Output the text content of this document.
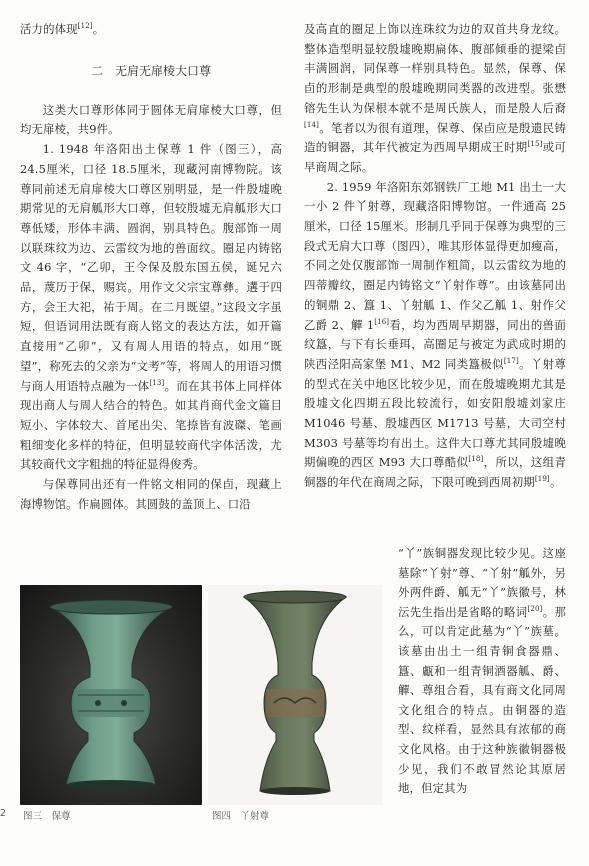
活力的体现[12]。

二　无肩无扉棱大口尊

这类大口尊形体同于圆体无肩扉棱大口尊，但均无扉棱，共9件。

1. 1948 年洛阳出土保尊 1 件（图三），高 24.5厘米，口径 18.5厘米，现藏河南博物院。该尊同前述无肩扉棱大口尊区别明显，是一件殷墟晚期常见的无肩觚形大口尊，但较殷墟无肩觚形大口尊低矮，形体丰满、圆润，别具特色。腹部饰一周以联珠纹为边、云雷纹为地的兽面纹。圈足内铸铭文 46 字，“乙卯，王令保及殷东国五侯，诞兄六品，蔑历于保，赐宾。用作文父宗宝尊彝。遘于四方，会王大祀，祐于周。在二月既望。”这段文字虽短，但语词用法既有商人铭文的表达方法，如开篇直接用“乙卯”，又有周人用语的特点，如用“既望”，称死去的父亲为“文考”等，将周人的用语习惯与商人用语特点融为一体[13]。而在其书体上同样体现出商人与周人结合的特色。如其肖商代金文篇目短小、字体较大、首尾出尖、笔捺皆有波磔、笔画粗细变化多样的特征，但明显较商代字体活泼，尤其较商代文字粗拙的特征显得俊秀。

与保尊同出还有一件铭文相同的保卣，现藏上海博物馆。作扁圆体。其圆鼓的盖顶上、口沿

及高直的圈足上饰以连珠纹为边的双首共身龙纹。整体造型明显较殷墟晚期扁体、腹部倾垂的提梁卣丰满圆润，同保尊一样别具特色。显然，保尊、保卣的形制是典型的殷墟晚期同类器的改进型。张懋镕先生认为保根本就不是周氏族人，而是殷人后裔[14]。笔者以为很有道理，保尊、保卣应是殷遗民铸造的铜器，其年代被定为西周早期成王时期[15]或可早商周之际。

2. 1959 年洛阳东郊钢铁厂工地 M1 出土一大一小 2 件丫射尊，现藏洛阳博物馆。一件通高 25 厘米，口径 15厘米。形制几乎同于保尊为典型的三段式无肩大口尊（图四），唯其形体显得更加瘦高，不同之处仅腹部饰一周制作粗简，以云雷纹为地的四蒂瓣纹，圈足内铸铭文“丫射作尊”。由该墓同出的铜鼎 2、簋 1、丫射觚 1、作父乙觚 1、射作父乙爵 2、觶 1[16]看，均为西周早期器，同出的兽面纹簋，与下有长垂珥，高圈足与被定为武成时期的陕西泾阳高家堡 M1、M2 同类簋极似[17]。丫射尊的型式在关中地区比较少见，而在殷墟晚期尤其是殷墟文化四期五段比较流行，如安阳殷墟刘家庄 M1046 号墓、殷墟西区 M1713 号墓，大司空村 M303 号墓等均有出土。这件大口尊尤其同殷墟晚期偏晚的西区 M93 大口尊酷似[18]，所以，这组青铜器的年代在商周之际，下限可晚到西周初期[19]。

“丫”族铜器发现比较少见。这座墓除“丫射”尊、“丫射”觚外，另外两件爵、觚无“丫”族徽号，林沄先生指出是省略的略词[20]。那么，可以肯定此墓为“丫”族墓。该墓由出土一组青铜食器鼎、簋、甗和一组青铜酒器觚、爵、觶、尊组合看，具有商文化同周文化组合的特点。由铜器的造型、纹样看，显然具有浓郁的商文化风格。由于这种族徽铜器极少见，我们不敢冒然论其原居地，但定其为

2 图三　保尊	图四　丫射尊
